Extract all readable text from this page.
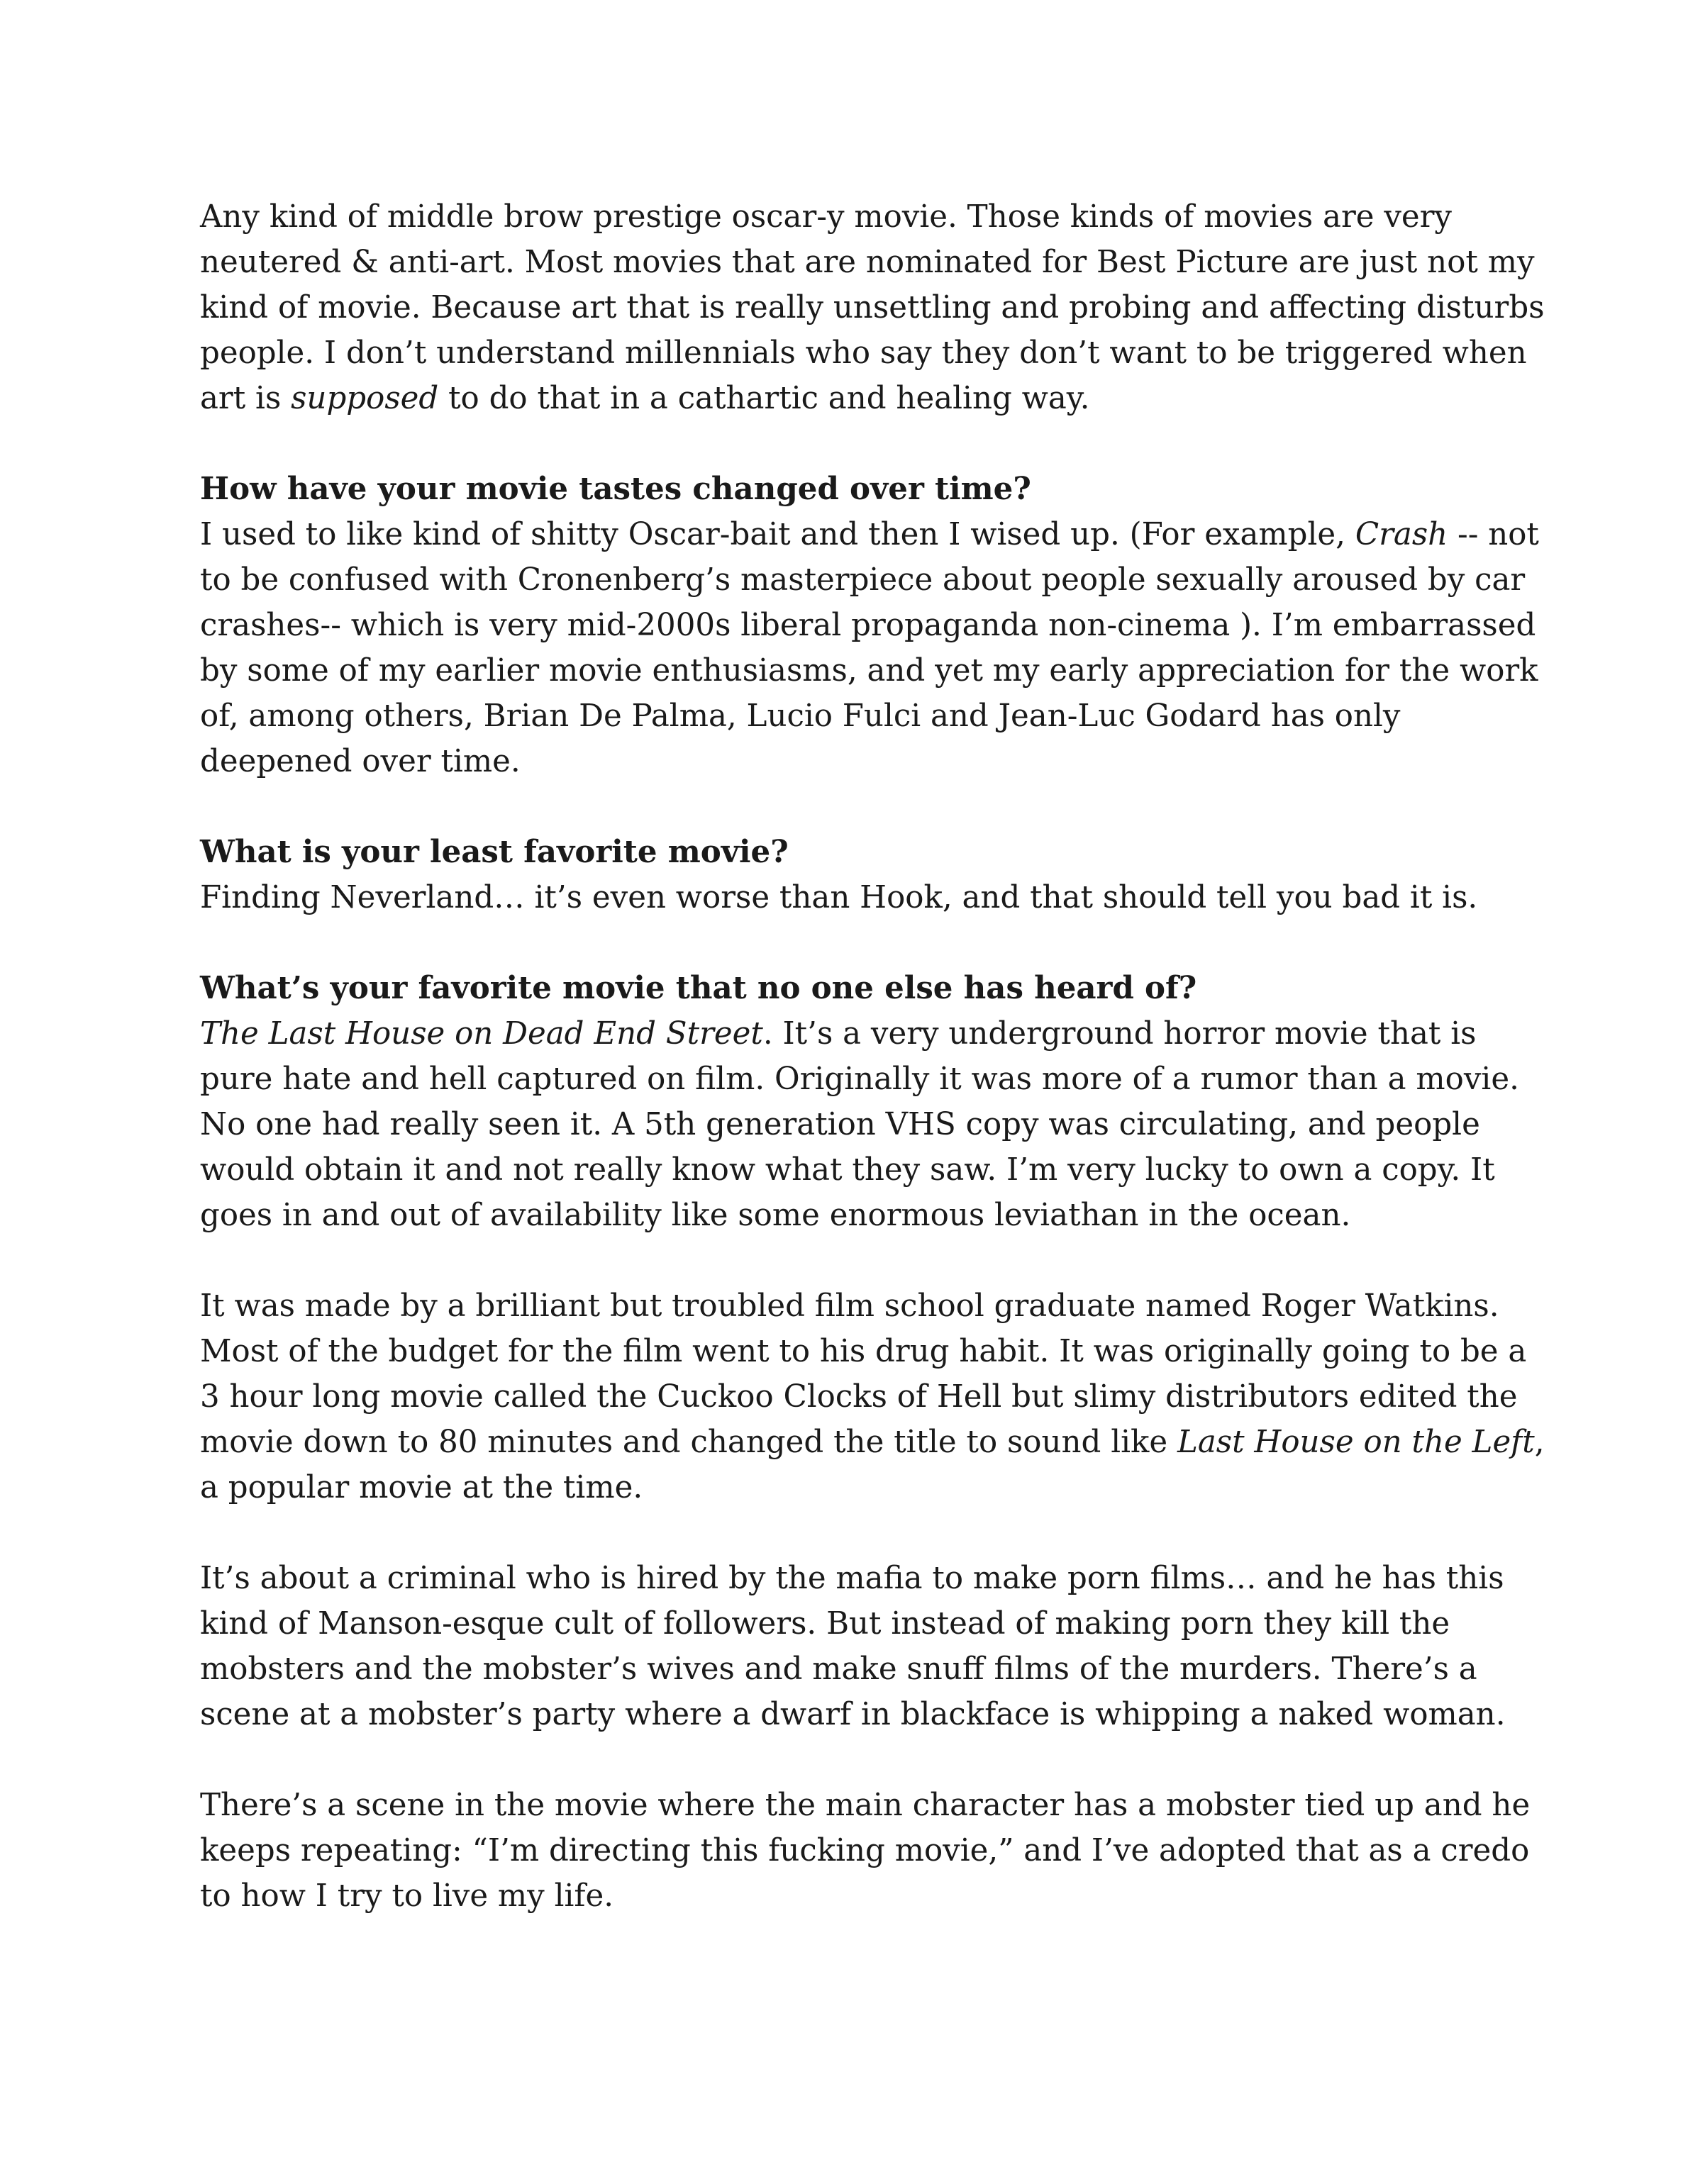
Any kind of middle brow prestige oscar-y movie. Those kinds of movies are very neutered & anti-art. Most movies that are nominated for Best Picture are just not my kind of movie. Because art that is really unsettling and probing and affecting disturbs people. I don’t understand millennials who say they don’t want to be triggered when art is supposed to do that in a cathartic and healing way.

How have your movie tastes changed over time?

I used to like kind of shitty Oscar-bait and then I wised up. (For example, Crash -- not to be confused with Cronenberg’s masterpiece about people sexually aroused by car crashes-- which is very mid-2000s liberal propaganda non-cinema ). I’m embarrassed by some of my earlier movie enthusiasms, and yet my early appreciation for the work of, among others, Brian De Palma, Lucio Fulci and Jean-Luc Godard has only deepened over time.

What is your least favorite movie?

Finding Neverland… it’s even worse than Hook, and that should tell you bad it is.

What’s your favorite movie that no one else has heard of?

The Last House on Dead End Street. It’s a very underground horror movie that is pure hate and hell captured on film. Originally it was more of a rumor than a movie. No one had really seen it. A 5th generation VHS copy was circulating, and people would obtain it and not really know what they saw. I’m very lucky to own a copy. It goes in and out of availability like some enormous leviathan in the ocean.

It was made by a brilliant but troubled film school graduate named Roger Watkins. Most of the budget for the film went to his drug habit. It was originally going to be a 3 hour long movie called the Cuckoo Clocks of Hell but slimy distributors edited the movie down to 80 minutes and changed the title to sound like Last House on the Left, a popular movie at the time.

It’s about a criminal who is hired by the mafia to make porn films… and he has this kind of Manson-esque cult of followers. But instead of making porn they kill the mobsters and the mobster’s wives and make snuff films of the murders. There’s a scene at a mobster’s party where a dwarf in blackface is whipping a naked woman.

There’s a scene in the movie where the main character has a mobster tied up and he keeps repeating: “I’m directing this fucking movie,” and I’ve adopted that as a credo to how I try to live my life.
